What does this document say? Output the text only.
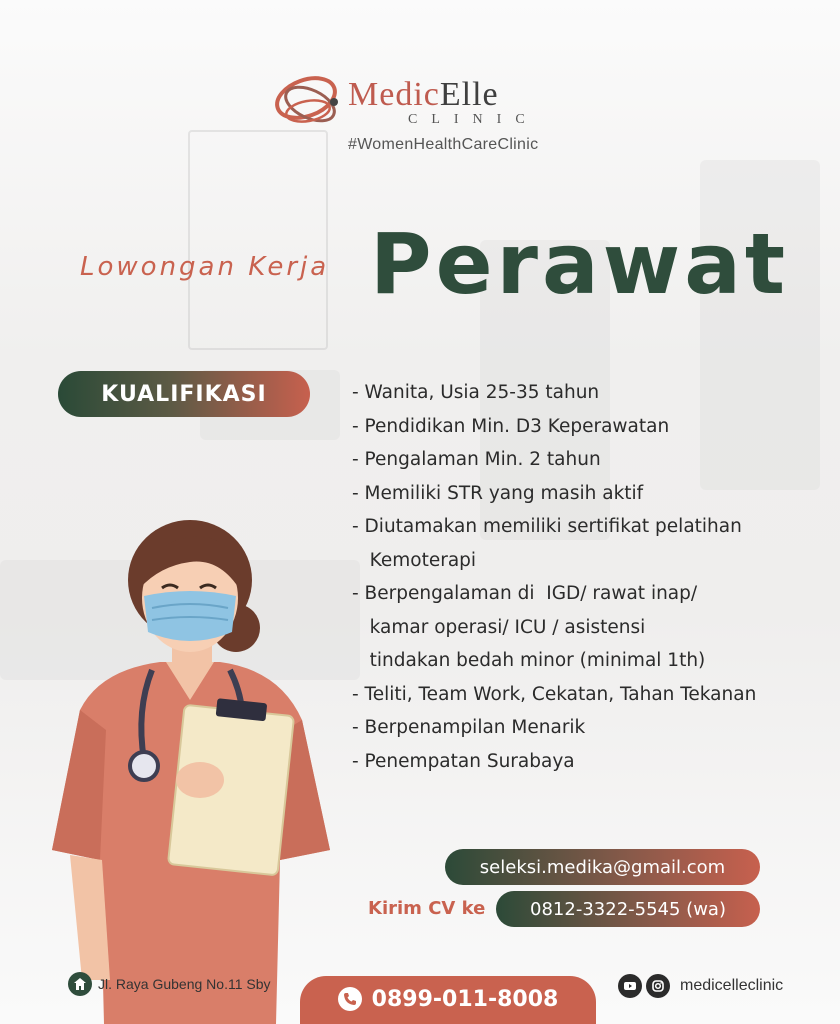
MedicElle
CLINIC
#WomenHealthCareClinic
Lowongan Kerja Perawat
KUALIFIKASI	- Wanita, Usia 25-35 tahun
- Pendidikan Min. D3 Keperawatan
- Pengalaman Min. 2 tahun
- Memiliki STR yang masih aktif
- Diutamakan memiliki sertifikat pelatihan
Kemoterapi
- Berpengalaman di  IGD/ rawat inap/
kamar operasi/ ICU / asistensi
tindakan bedah minor (minimal 1th)
- Teliti, Team Work, Cekatan, Tahan Tekanan
- Berpenampilan Menarik
- Penempatan Surabaya
seleksi.medika@gmail.com
Kirim CV ke	0812-3322-5545 (wa)
Jl. Raya Gubeng No.11 Sby
0899-011-8008
medicelleclinic
